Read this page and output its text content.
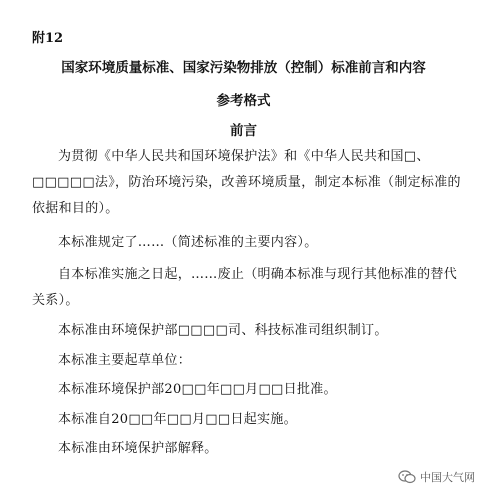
附12
国家环境质量标准、国家污染物排放（控制）标准前言和内容
参考格式
前言
为贯彻《中华人民共和国环境保护法》和《中华人民共和国□、□□□□□法》，防治环境污染，改善环境质量，制定本标准（制定标准的依据和目的）。
本标准规定了……（简述标准的主要内容）。
自本标准实施之日起，……废止（明确本标准与现行其他标准的替代关系）。
本标准由环境保护部□□□□司、科技标准司组织制订。
本标准主要起草单位：
本标准环境保护部20□□年□□月□□日批准。
本标准自20□□年□□月□□日起实施。
本标准由环境保护部解释。
中国大气网
